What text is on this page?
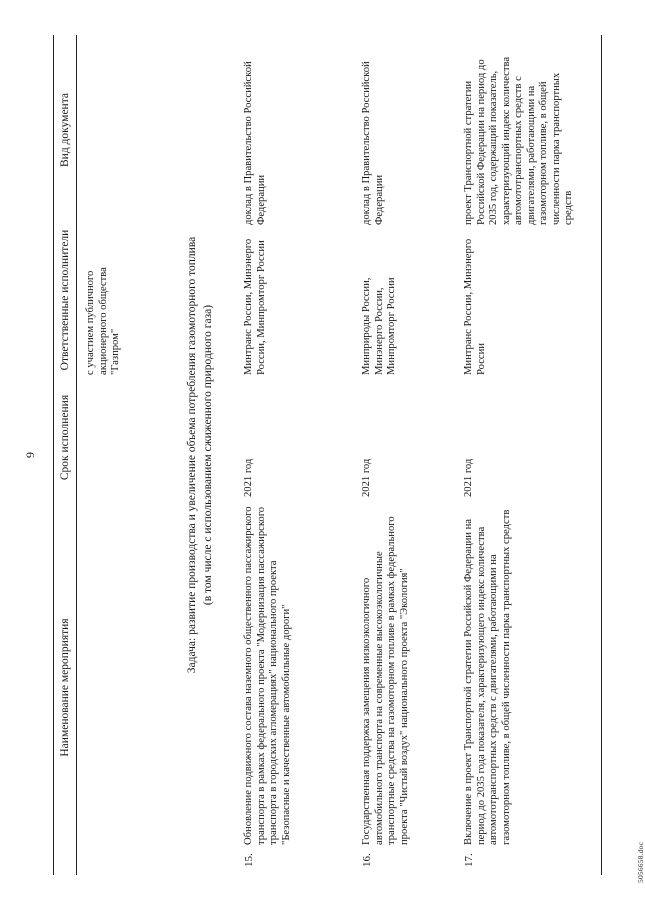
9
5056658.doc
Наименование мероприятия
Срок исполнения
Ответственные исполнители
Вид документа
с участием публичного акционерного общества "Газпром"	Задача: развитие производства и увеличение объема потребления газомоторного топлива (в том числе с использованием сжиженного природного газа)
15.
Обновление подвижного состава наземного общественного пассажирского транспорта в рамках федерального проекта "Модернизация пассажирского транспорта в городских агломерациях" национального проекта "Безопасные и качественные автомобильные дороги"
2021 год
Минтранс России, Минэнерго России, Минпромторг России
доклад в Правительство Российской Федерации
16.
Государственная поддержка замещения низкоэкологичного автомобильного транспорта на современные высокоэкологичные транспортные средства на газомоторном топливе в рамках федерального проекта "Чистый воздух" национального проекта "Экология"
2021 год
Минприроды России, Минэнерго России, Минпромторг России
доклад в Правительство Российской Федерации
17.
Включение в проект Транспортной стратегии Российской Федерации на период до 2035 года показателя, характеризующего индекс количества автомототранспортных средств с двигателями, работающими на газомоторном топливе, в общей численности парка транспортных средств
2021 год
Минтранс России, Минэнерго России
проект Транспортной стратегии Российской Федерации на период до 2035 год, содержащий показатель, характеризующий индекс количества автомототранспортных средств с двигателями, работающими на газомоторном топливе, в общей численности парка транспортных средств
